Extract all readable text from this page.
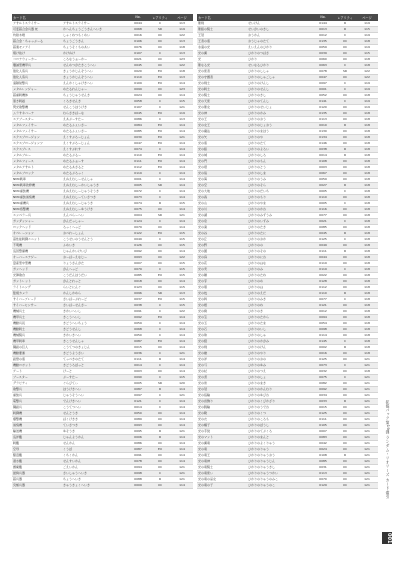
カード名		No.	レアリティ	ページ
アサルトスライサー	アサルトスライサー	0044	C	113
可変超合金兵器 蛇	かへんちょうごうきんへいき	0068	SR	119
灼熱木鳴	しゃくねつもくめい	0016	UC	122
超合金・ちゃっぷーる	ちょうごうきん	0106	UC	113
超速モノアイ	ちょうそくものあい	0076	UC	118
翔け抜け	かけぬけ	0107	C	113
コロナウォーカー	ころなうぉーかー	0021	UC	123
殲滅型機甲兵	せんめつがたきこうへい	0045	UC	122
強化人造兵	きょうかじんぞうへい	0020	EU	118
強化人造兵	きょうかじんぞうへい	0110	EU	113
遠隔射撃兵	えんかくしゃげきへい	0109	EU	114
メタルレンジャー	めたるれんじゃー	0099	UC	123
超重戦機体	ちょうじゅうせんき	0024	UC	114
黒き戦姫	くろきせんき	0058	C	115
閃光砲撃機	せんこうほうげき	0107	C	121
ムラサキバーナ	むらさきばーな	0045	EU	119
エアブースター	えあぶーすたー	0086	C	113
メタルフェイサー	めたるふぇいさー	0084	EU	114
メタルフェイサー	めたるふぇいさー	0085	EU	114
エクスプロージョン	えくすぷろーじょん	0030	EU	121
エクスプロージョンツ	えくすぷろーじょん	0047	EU	114
エクスプレス	えくすぷれす	0074	C	114
メタルブルー	めたるぶるー	0110	EU	114
メタルフォース	めたるふぉーす	0111	EU	114
メタルアサルト	めたるあさると	0112	EU	114
メタルブロック	めたるぶろっく	0119	C	114
NMC戦車	えぬえむしーせんしゃ	0001	C	114
NMC戦車改修機	えぬえむしーかいしゅうき	0005	SR	114
NMC重装機	えぬえむしーじゅうそうき	0072	C	114
NMC重装偵察機	えぬえむしーていさつき	0073	C	114
NMC重機兵	えぬえむしーじゅうき	0074	R	115
NMC遊撃機	えぬえむしーゆうげき	0075	UC	114
エンペラー兵	えんぺらーへい	0004	SR	121
ガンダッシャー	がんだっしゃー	0124	C	114
ロックヘッド	ろっくへっど	0079	UC	114
オペレーション	おぺれーしょん	0122	EU	115
高性能戦闘ユニット	こうせいのうせんとう	0049	C	115
不明機	ふめいき	0126	UC	115
巡回警備機	じゅんかいけいび	0092	UC	114
オーバーエナジー	おーばーえなじー	0093	UC	122
量産型中型機	りょうさんがた	0007	UC	115
ガンヘッド	がんへっど	0079	C	115
光弾砲台	こうだんほうだい	0085	EU	115
ガントレット	がんとれっと	0018	UC	114
ライトニング	らいとにんぐ	0123	UC	115
監視カメラ	かんしかめら	0096	SR	113
サイバーブレード	さいばーぶれーど	0037	EU	115
サイバーセンサー	さいばーせんさー	0038	C	115
機械兵士	きかいへいし	0091	C	122
機甲兵士	きこうへいし	0092	EU	114
機動兵長	きどうへいちょう	0059	C	114
機動戦士	きどうせんし	0068	C	114
機械騎兵	きかいきへい	0050	C	114
機甲戦車	きこうせんしゃ	0087	EU	114
鋼鉄の巨人	こうてつのきょじん	0015	UC	114
機動要塞	きどうようさい	0036	C	121
鉄壁の盾	てっぺきのたて	0111	R	114
機動ロボット	きどうろぼっと	0014	C	114
ゲート	げーと	0003	UC	114
ブースター	ぶーすたー	0090	C	115
グラビティ	ぐらびてぃ	0005	SR	120
砲撃兵	ほうげきへい	0087	R	114
重装兵	じゅうそうへい	0097	C	121
電撃兵	でんげきへい	0121	C	114
鋼鉄兵	こうてつへい	0014	C	114
戦闘機	せんとうき	0050	UC	114
爆撃機	ばくげきき	0089	UC	114
偵察機	ていさつき	0093	UC	114
輸送機	ゆそうき	0095	R	121
巡洋艦	じゅんようかん	0006	R	114
戦艦	せんかん	0086	UC	114
空母	くうぼ	0087	EU	114
駆逐艦	くちくかん	0091	UC	114
潜水艦	せんすいかん	0078	UC	114
護衛艦	ごえいかん	0094	UC	121
最終兵器	さいしゅうへいき	0098	C	121
超兵器	ちょうへいき	0088	R	121
究極兵器	きゅうきょくへいき	0009	UC	114
カード名		No.	レアリティ	ページ
聖剣	せいけん	0144	R	119
聖鎧の騎士	せいがいのきし	0013	R	115
王冠	おうかん	0012	C	119
王者の盾	おうじゃのたて	0135	UC	118
永遠の光	えいえんのひかり	0059	UC	119
光の翼	ひかりのつばさ	0039	UC	115
光	ひかり	0060	UC	118
聖なる光	せいなるひかり	0063	C	118
光の使者	ひかりのししゃ	0078	SR	122
光の守護者	ひかりのしゅごしゃ	0047	UC	122
光の剣士	ひかりのけんし	0097	C	119
光の戦士	ひかりのせんし	0001	C	119
光の騎士	ひかりのきし	0052	UC	118
光の天使	ひかりのてんし	0141	C	119
光の聖女	ひかりのせいじょ	0120	UC	119
光の神	ひかりのかみ	0135	UC	118
光の王	ひかりのおう	0113	UC	118
光の女王	ひかりのじょおう	0010	R	118
光の魔法	ひかりのまほう	0130	UC	118
光の矢	ひかりのや	0134	UC	118
光の盾	ひかりのたて	0146	UC	118
光の鎧	ひかりのよろい	0038	R	118
光の城	ひかりのしろ	0014	R	118
光の門	ひかりのもん	0108	UC	118
光の塔	ひかりのとう	0003	UC	118
光の島	ひかりのしま	0067	UC	118
光の海	ひかりのうみ	0059	UC	118
光の空	ひかりのそら	0027	R	118
光の大地	ひかりのだいち	0005	C	118
光の森	ひかりのもり	0110	UC	118
光の山	ひかりのやま	0005	C	118
光の川	ひかりのかわ	0116	UC	118
光の湖	ひかりのみずうみ	0077	UC	118
光の泉	ひかりのいずみ	0021	C	118
光の滝	ひかりのたき	0085	UC	118
光の谷	ひかりのたに	0045	R	118
光の丘	ひかりのおか	0125	C	118
光の野	ひかりのの	0049	UC	118
光の園	ひかりのその	0111	R	118
光の庭	ひかりのにわ	0044	UC	118
光の花	ひかりのはな	0119	UC	118
光の実	ひかりのみ	0119	C	118
光の種	ひかりのたね	0022	UC	118
光の芽	ひかりのめ	0128	UC	118
光の葉	ひかりのは	0112	UC	118
光の枝	ひかりのえだ	0110	R	118
光の幹	ひかりのみき	0077	C	118
光の根	ひかりのね	0121	UC	118
光の樹	ひかりのき	0012	UC	118
光の宝	ひかりのたから	0094	UC	118
光の玉	ひかりのたま	0054	UC	118
光の石	ひかりのいし	0098	UC	118
光の珠	ひかりのしゅ	0114	UC	118
光の鏡	ひかりのかがみ	0145	C	118
光の剣	ひかりのけん	0002	R	118
光の槍	ひかりのやり	0016	UC	118
光の斧	ひかりのおの	0125	UC	121
光の弓	ひかりのゆみ	0073	C	121
光の杖	ひかりのつえ	0032	UC	118
光の書	ひかりのしょ	0075	C	121
光の巻	ひかりのまき	0082	UC	121
光の冠	ひかりのかんむり	0092	UC	121
光の指輪	ひかりのゆびわ	0034	UC	121
光の首飾り	ひかりのくびかざり	0033	R	121
光の腕輪	ひかりのうでわ	0015	UC	121
光の靴	ひかりのくつ	0125	UC	121
光の衣	ひかりのころも	0111	UC	121
光の帽子	ひかりのぼうし	0105	UC	121
光の手袋	ひかりのてぶくろ	0007	UC	121
光のマント	ひかりのまんと	0083	UC	121
光の翼竜	ひかりのよくりゅう	0042	UC	121
光の竜	ひかりのりゅう	0024	UC	121
光の竜王	ひかりのりゅうおう	0108	R	121
光の竜神	ひかりのりゅうじん	0085	UC	121
光の竜騎士	ひかりのりゅうきし	0031	UC	121
光の竜使い	ひかりのりゅうつかい	0113	UC	121
光の竜の巫女	ひかりのりゅうのみこ	0070	UC	121
光の竜の子	ひかりのりゅうのこ	0129	UC	121	拡張パック第19弾 ランダム・リオリーズ カード索引
001
